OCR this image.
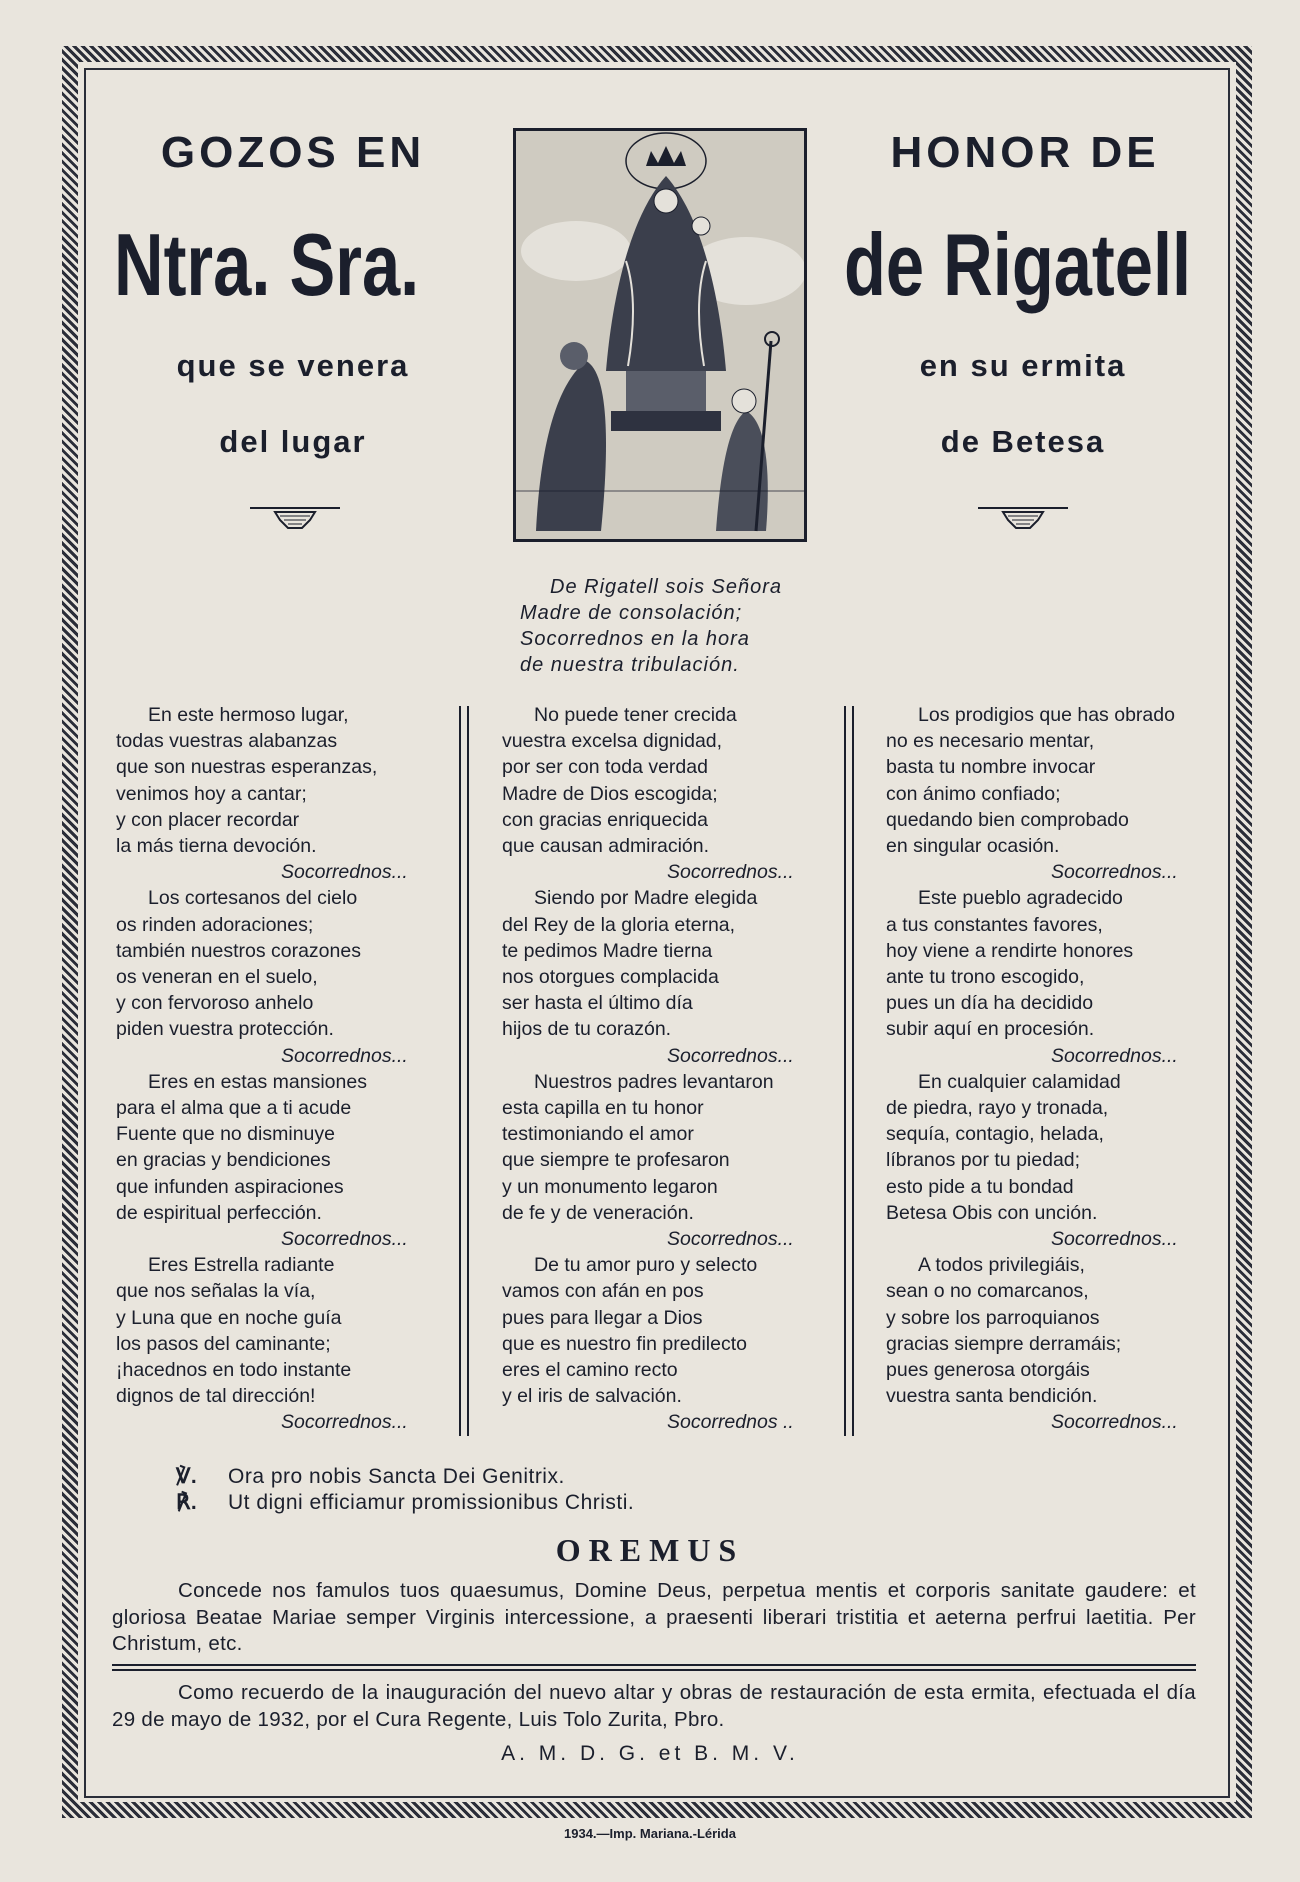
GOZOS EN	HONOR DE
Ntra. Sra.	de Rigatell
que se venera	en su ermita
del lugar	de Betesa
De Rigatell sois Señora
Madre de consolación;
Socorrednos en la hora
de nuestra tribulación.
En este hermoso lugar,
todas vuestras alabanzas
que son nuestras esperanzas,
venimos hoy a cantar;
y con placer recordar
la más tierna devoción.
Socorrednos...
Los cortesanos del cielo
os rinden adoraciones;
también nuestros corazones
os veneran en el suelo,
y con fervoroso anhelo
piden vuestra protección.
Socorrednos...
Eres en estas mansiones
para el alma que a ti acude
Fuente que no disminuye
en gracias y bendiciones
que infunden aspiraciones
de espiritual perfección.
Socorrednos...
Eres Estrella radiante
que nos señalas la vía,
y Luna que en noche guía
los pasos del caminante;
¡hacednos en todo instante
dignos de tal dirección!
Socorrednos...
No puede tener crecida
vuestra excelsa dignidad,
por ser con toda verdad
Madre de Dios escogida;
con gracias enriquecida
que causan admiración.
Socorrednos...
Siendo por Madre elegida
del Rey de la gloria eterna,
te pedimos Madre tierna
nos otorgues complacida
ser hasta el último día
hijos de tu corazón.
Socorrednos...
Nuestros padres levantaron
esta capilla en tu honor
testimoniando el amor
que siempre te profesaron
y un monumento legaron
de fe y de veneración.
Socorrednos...
De tu amor puro y selecto
vamos con afán en pos
pues para llegar a Dios
que es nuestro fin predilecto
eres el camino recto
y el iris de salvación.
Socorrednos ..
Los prodigios que has obrado
no es necesario mentar,
basta tu nombre invocar
con ánimo confiado;
quedando bien comprobado
en singular ocasión.
Socorrednos...
Este pueblo agradecido
a tus constantes favores,
hoy viene a rendirte honores
ante tu trono escogido,
pues un día ha decidido
subir aquí en procesión.
Socorrednos...
En cualquier calamidad
de piedra, rayo y tronada,
sequía, contagio, helada,
líbranos por tu piedad;
esto pide a tu bondad
Betesa Obis con unción.
Socorrednos...
A todos privilegiáis,
sean o no comarcanos,
y sobre los parroquianos
gracias siempre derramáis;
pues generosa otorgáis
vuestra santa bendición.
Socorrednos...
℣. Ora pro nobis Sancta Dei Genitrix.
℟. Ut digni efficiamur promissionibus Christi.
OREMUS
Concede nos famulos tuos quaesumus, Domine Deus, perpetua mentis et corporis sanitate gaudere: et gloriosa Beatae Mariae semper Virginis intercessione, a praesenti liberari tristitia et aeterna perfrui laetitia. Per Christum, etc.
Como recuerdo de la inauguración del nuevo altar y obras de restauración de esta ermita, efectuada el día 29 de mayo de 1932, por el Cura Regente, Luis Tolo Zurita, Pbro.
A. M. D. G. et B. M. V.
1934.—Imp. Mariana.-Lérida
